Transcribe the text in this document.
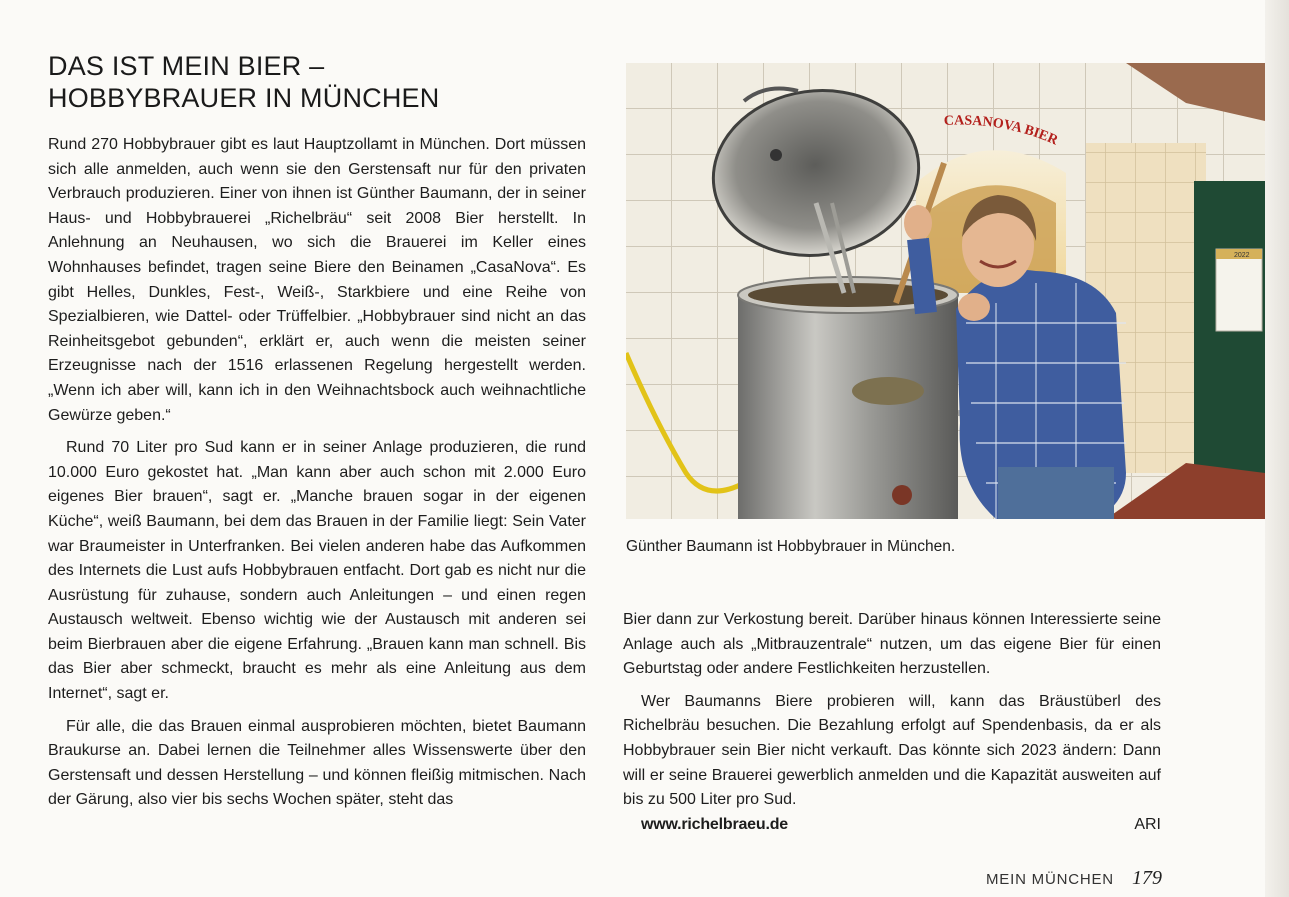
DAS IST MEIN BIER –
HOBBYBRAUER IN MÜNCHEN

Rund 270 Hobbybrauer gibt es laut Hauptzollamt in München. Dort müssen sich alle anmelden, auch wenn sie den Gerstensaft nur für den privaten Verbrauch produzieren. Einer von ihnen ist Günther Baumann, der in seiner Haus- und Hobbybrauerei „Richelbräu“ seit 2008 Bier herstellt. In Anlehnung an Neuhausen, wo sich die Brauerei im Keller eines Wohnhauses befindet, tragen seine Biere den Beinamen „CasaNova“. Es gibt Helles, Dunkles, Fest-, Weiß-, Starkbiere und eine Reihe von Spezialbieren, wie Dattel- oder Trüffelbier. „Hobbybrauer sind nicht an das Reinheitsgebot gebunden“, erklärt er, auch wenn die meisten seiner Erzeugnisse nach der 1516 erlassenen Regelung hergestellt werden. „Wenn ich aber will, kann ich in den Weihnachtsbock auch weihnachtliche Gewürze geben.“

Rund 70 Liter pro Sud kann er in seiner Anlage produzieren, die rund 10.000 Euro gekostet hat. „Man kann aber auch schon mit 2.000 Euro eigenes Bier brauen“, sagt er. „Manche brauen sogar in der eigenen Küche“, weiß Baumann, bei dem das Brauen in der Familie liegt: Sein Vater war Braumeister in Unterfranken. Bei vielen anderen habe das Aufkommen des Internets die Lust aufs Hobbybrauen entfacht. Dort gab es nicht nur die Ausrüstung für zuhause, sondern auch Anleitungen – und einen regen Austausch weltweit. Ebenso wichtig wie der Austausch mit anderen sei beim Bierbrauen aber die eigene Erfahrung. „Brauen kann man schnell. Bis das Bier aber schmeckt, braucht es mehr als eine Anleitung aus dem Internet“, sagt er.

Für alle, die das Brauen einmal ausprobieren möchten, bietet Baumann Braukurse an. Dabei lernen die Teilnehmer alles Wissenswerte über den Gerstensaft und dessen Herstellung – und können fleißig mitmischen. Nach der Gärung, also vier bis sechs Wochen später, steht das

CASANOVA BIER
2022

Günther Baumann ist Hobbybrauer in München.

Bier dann zur Verkostung bereit. Darüber hinaus können Interessierte seine Anlage auch als „Mitbrauzentrale“ nutzen, um das eigene Bier für einen Geburtstag oder andere Festlichkeiten herzustellen.

Wer Baumanns Biere probieren will, kann das Bräustüberl des Richelbräu besuchen. Die Bezahlung erfolgt auf Spendenbasis, da er als Hobbybrauer sein Bier nicht verkauft. Das könnte sich 2023 ändern: Dann will er seine Brauerei gewerblich anmelden und die Kapazität ausweiten auf bis zu 500 Liter pro Sud.
www.richelbraeu.de	ARI

MEIN MÜNCHEN 179
